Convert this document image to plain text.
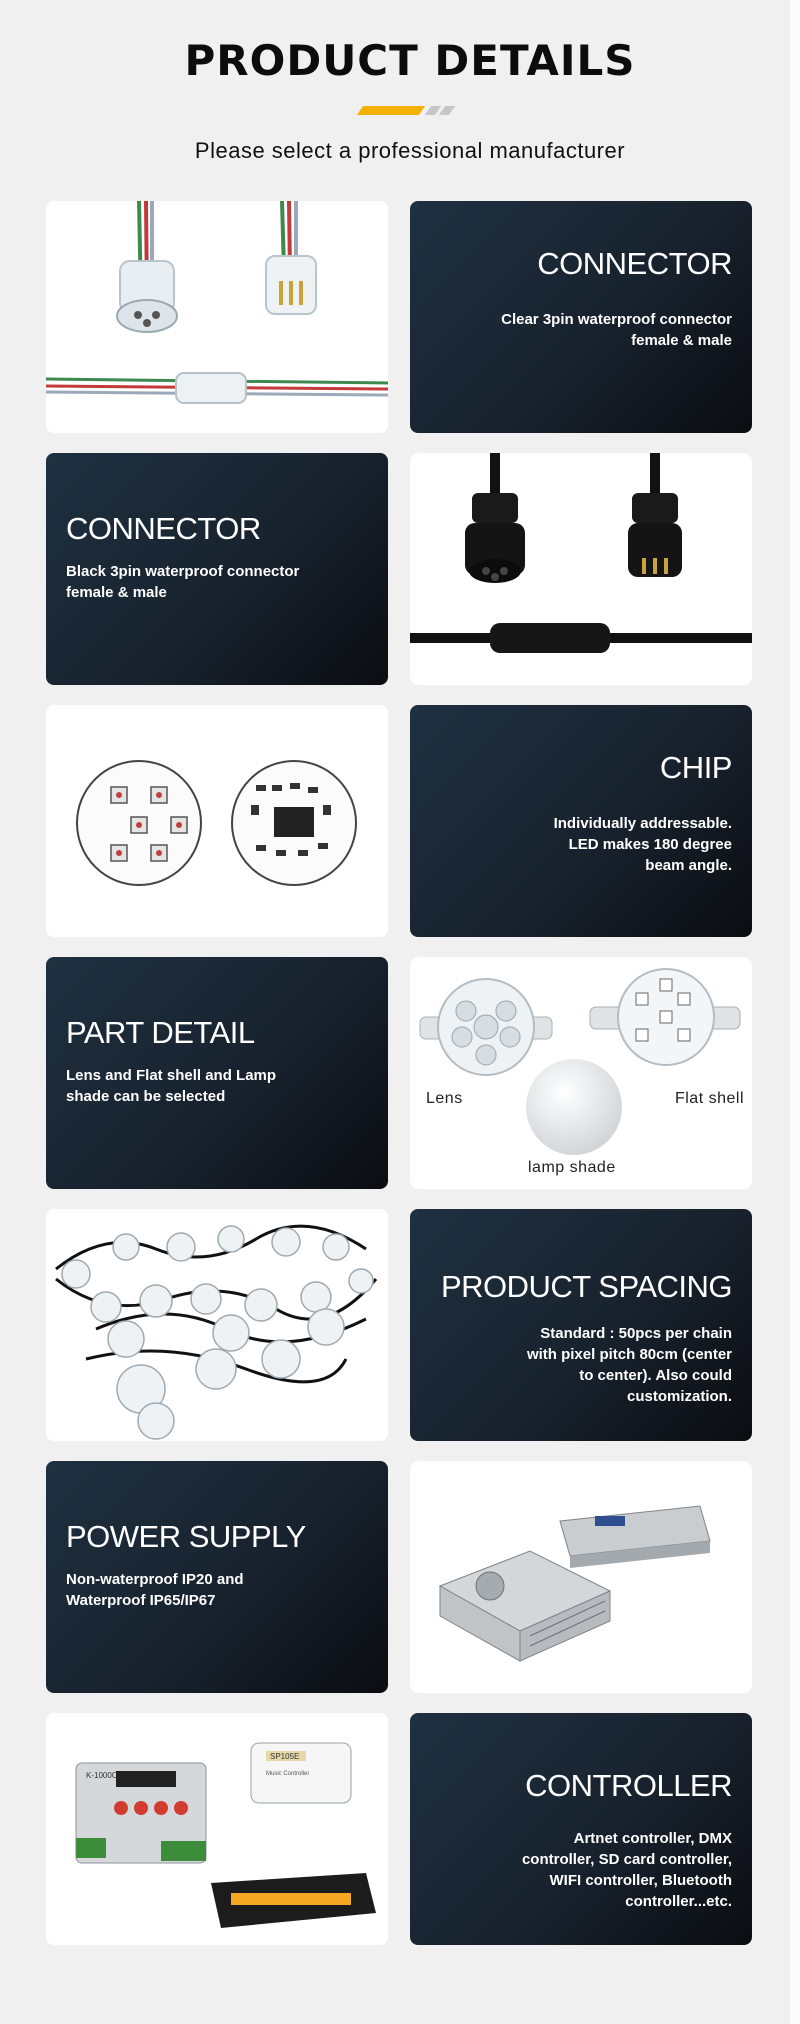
PRODUCT DETAILS
Please select a professional manufacturer
CONNECTOR
Clear 3pin waterproof connector
female & male
CONNECTOR
Black 3pin waterproof connector
female & male
CHIP
Individually addressable.
LED makes 180 degree
beam angle.
PART DETAIL
Lens and Flat shell and Lamp
shade can be selected	Lens	Flat shell
lamp shade
PRODUCT SPACING
Standard : 50pcs per chain
with pixel pitch 80cm (center
to center). Also could
customization.
POWER SUPPLY
Non-waterproof IP20 and
Waterproof IP65/IP67
K-1000C
SP105E
Music Controller	CONTROLLER
Artnet controller, DMX
controller, SD card controller,
WIFI controller, Bluetooth
controller...etc.
